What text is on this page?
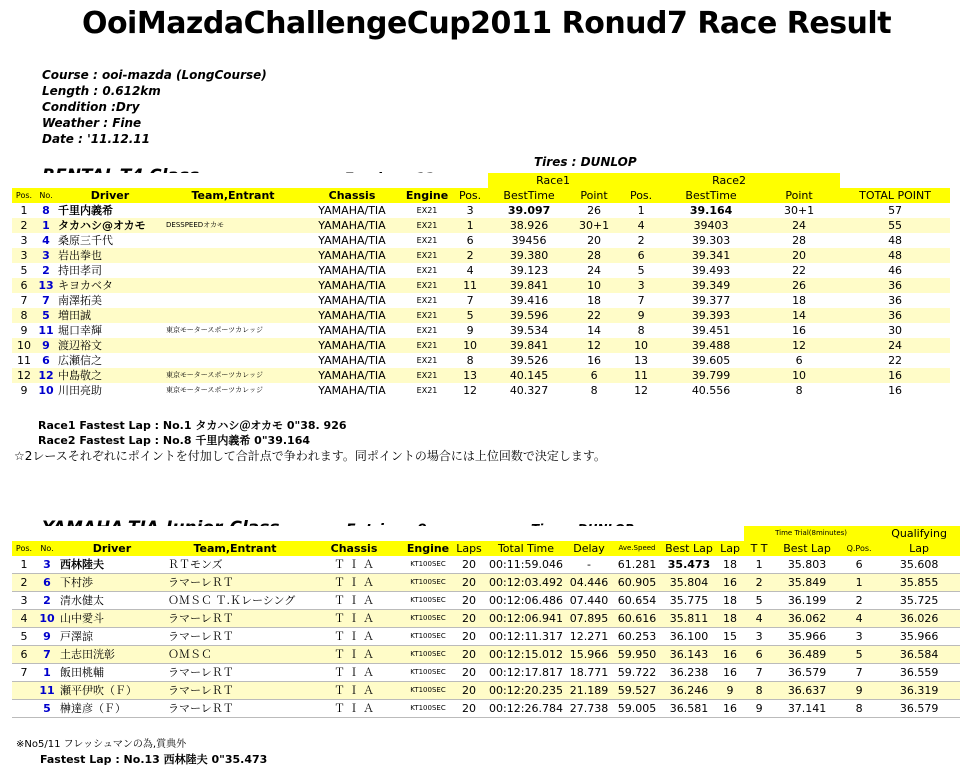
OoiMazdaChallengeCup2011 Ronud7 Race Result
Course : ooi-mazda (LongCourse)
Length : 0.612km
Condition :Dry
Weather : Fine
Date : '11.12.11
Tires : DUNLOP
							Race1		Race2			
Pos.	No.	Driver	Team,Entrant	Chassis	Engine	Pos.	BestTime	Point	Pos.	BestTime	Point	TOTAL POINT
1	8	千里内義希		YAMAHA/TIA	EX21	3	39.097	26	1	39.164	30+1	57
2	1	タカハシ@オカモ	DESSPEEDオカモ	YAMAHA/TIA	EX21	1	38.926	30+1	4	39403	24	55
3	4	桑原三千代		YAMAHA/TIA	EX21	6	39456	20	2	39.303	28	48
3	3	岩出拳也		YAMAHA/TIA	EX21	2	39.380	28	6	39.341	20	48
5	2	持田孝司		YAMAHA/TIA	EX21	4	39.123	24	5	39.493	22	46
6	13	キヨカベタ		YAMAHA/TIA	EX21	11	39.841	10	3	39.349	26	36
7	7	南澤拓美		YAMAHA/TIA	EX21	7	39.416	18	7	39.377	18	36
8	5	増田誠		YAMAHA/TIA	EX21	5	39.596	22	9	39.393	14	36
9	11	堀口幸輝	東京モータースポーツカレッジ	YAMAHA/TIA	EX21	9	39.534	14	8	39.451	16	30
10	9	渡辺裕文		YAMAHA/TIA	EX21	10	39.841	12	10	39.488	12	24
11	6	広瀬信之		YAMAHA/TIA	EX21	8	39.526	16	13	39.605	6	22
12	12	中島敬之	東京モータースポーツカレッジ	YAMAHA/TIA	EX21	13	40.145	6	11	39.799	10	16
9	10	川田亮助	東京モータースポーツカレッジ	YAMAHA/TIA	EX21	12	40.327	8	12	40.556	8	16
Race1 Fastest Lap : No.1 タカハシ＠オカモ 0"38. 926
Race2 Fastest Lap : No.8 千里内義希 0"39.164
☆2レースそれぞれにポイントを付加して合計点で争われます。同ポイントの場合には上位回数で決定します。
												Time Trial(8minutes)			Qualifying
Pos.	No.	Driver	Team,Entrant	Chassis	Engine	Laps	Total Time	Delay	Ave.Speed	Best Lap	Lap	T T	Best Lap	Q.Pos.	Lap
1	3	西林陸夫	ＲＴモンズ	Ｔ Ｉ Ａ	KT100SEC	20	00:11:59.046	-	61.281	35.473	18	1	35.803	6	35.608
2	6	下村渉	ラマーレＲＴ	Ｔ Ｉ Ａ	KT100SEC	20	00:12:03.492	04.446	60.905	35.804	16	2	35.849	1	35.855
3	2	清水健太	ＯＭＳＣ Ｔ.Ｋレーシング	Ｔ Ｉ Ａ	KT100SEC	20	00:12:06.486	07.440	60.654	35.775	18	5	36.199	2	35.725
4	10	山中愛斗	ラマーレＲＴ	Ｔ Ｉ Ａ	KT100SEC	20	00:12:06.941	07.895	60.616	35.811	18	4	36.062	4	36.026
5	9	戸澤諒	ラマーレＲＴ	Ｔ Ｉ Ａ	KT100SEC	20	00:12:11.317	12.271	60.253	36.100	15	3	35.966	3	35.966
6	7	土志田洸彰	ＯＭＳＣ	Ｔ Ｉ Ａ	KT100SEC	20	00:12:15.012	15.966	59.950	36.143	16	6	36.489	5	36.584
7	1	飯田桃輔	ラマーレＲＴ	Ｔ Ｉ Ａ	KT100SEC	20	00:12:17.817	18.771	59.722	36.238	16	7	36.579	7	36.559
	11	瀬平伊吹（Ｆ）	ラマーレＲＴ	Ｔ Ｉ Ａ	KT100SEC	20	00:12:20.235	21.189	59.527	36.246	9	8	36.637	9	36.319
	5	榊達彦（Ｆ）	ラマーレＲＴ	Ｔ Ｉ Ａ	KT100SEC	20	00:12:26.784	27.738	59.005	36.581	16	9	37.141	8	36.579
※No5/11 フレッシュマンの為,賞典外
Fastest Lap : No.13 西林陸夫 0"35.473
